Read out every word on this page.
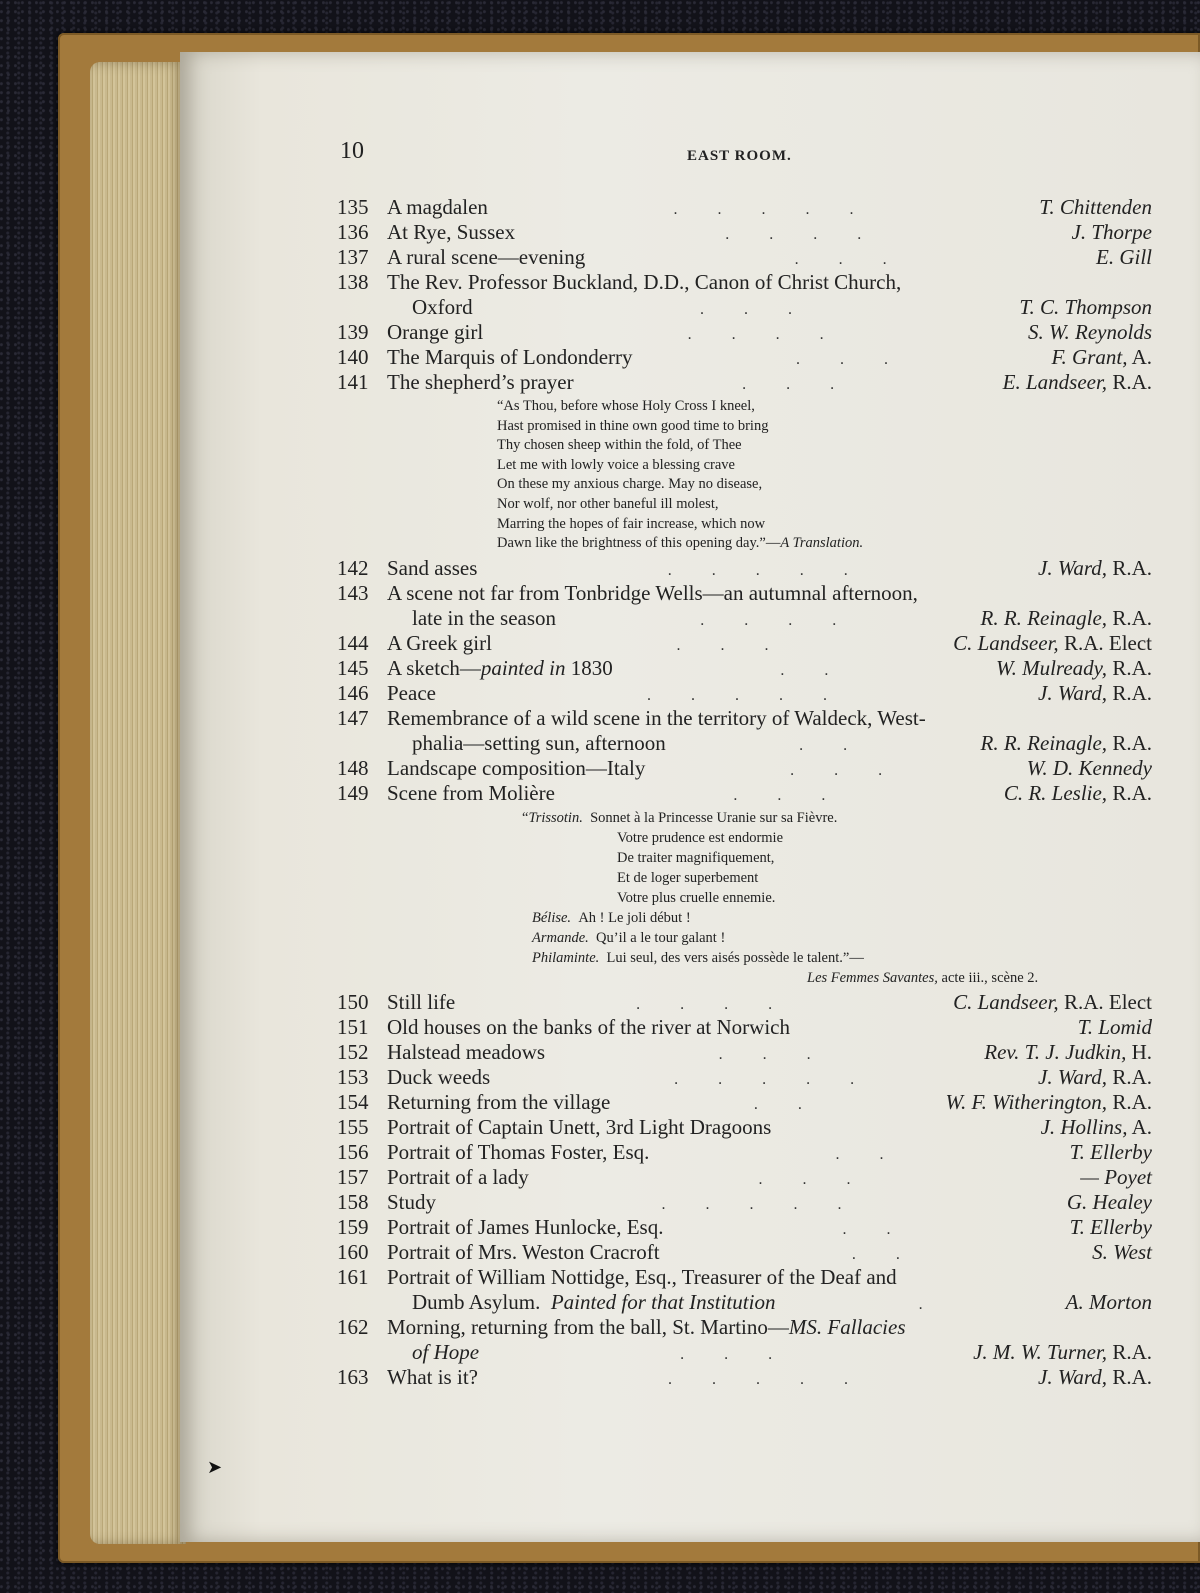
10	EAST ROOM.
135 A magdalen	.          .          .          .          .	T. Chittenden
136 At Rye, Sussex	.          .          .          .	J. Thorpe
137 A rural scene—evening	.          .          .	E. Gill
138 The Rev. Professor Buckland, D.D., Canon of Christ Church,
Oxford	.          .          .	T. C. Thompson
139 Orange girl	.          .          .          .	S. W. Reynolds
140 The Marquis of Londonderry	.          .          .	F. Grant, A.
141 The shepherd’s prayer	.          .          .	E. Landseer, R.A.
“As Thou, before whose Holy Cross I kneel,
Hast promised in thine own good time to bring
Thy chosen sheep within the fold, of Thee
Let me with lowly voice a blessing crave
On these my anxious charge. May no disease,
Nor wolf, nor other baneful ill molest,
Marring the hopes of fair increase, which now
Dawn like the brightness of this opening day.”—A Translation.
142 Sand asses	.          .          .          .          .	J. Ward, R.A.
143 A scene not far from Tonbridge Wells—an autumnal afternoon,
late in the season	.          .          .          .	R. R. Reinagle, R.A.
144 A Greek girl	.          .          .	C. Landseer, R.A. Elect
145 A sketch—painted in 1830	.          .	W. Mulready, R.A.
146 Peace	.          .          .          .          .	J. Ward, R.A.
147 Remembrance of a wild scene in the territory of Waldeck, West-
phalia—setting sun, afternoon	.          .	R. R. Reinagle, R.A.
148 Landscape composition—Italy	.          .          .	W. D. Kennedy
149 Scene from Molière	.          .          .	C. R. Leslie, R.A.
“Trissotin. Sonnet à la Princesse Uranie sur sa Fièvre.
Votre prudence est endormie
De traiter magnifiquement,
Et de loger superbement
Votre plus cruelle ennemie.
Bélise. Ah ! Le joli début !
Armande. Qu’il a le tour galant !
Philaminte. Lui seul, des vers aisés possède le talent.”—
Les Femmes Savantes, acte iii., scène 2.
150 Still life	.          .          .          .	C. Landseer, R.A. Elect
151 Old houses on the banks of the river at Norwich	T. Lomid
152 Halstead meadows	.          .          .	Rev. T. J. Judkin, H.
153 Duck weeds	.          .          .          .          .	J. Ward, R.A.
154 Returning from the village	.          .	W. F. Witherington, R.A.
155 Portrait of Captain Unett, 3rd Light Dragoons	J. Hollins, A.
156 Portrait of Thomas Foster, Esq.	.          .	T. Ellerby
157 Portrait of a lady	.          .          .	— Poyet
158 Study	.          .          .          .          .	G. Healey
159 Portrait of James Hunlocke, Esq.	.          .	T. Ellerby
160 Portrait of Mrs. Weston Cracroft	.          .	S. West
161 Portrait of William Nottidge, Esq., Treasurer of the Deaf and
Dumb Asylum. Painted for that Institution	.	A. Morton
162 Morning, returning from the ball, St. Martino—MS. Fallacies
of Hope	.          .          .	J. M. W. Turner, R.A.
163 What is it?	.          .          .          .          .	J. Ward, R.A.
➤
